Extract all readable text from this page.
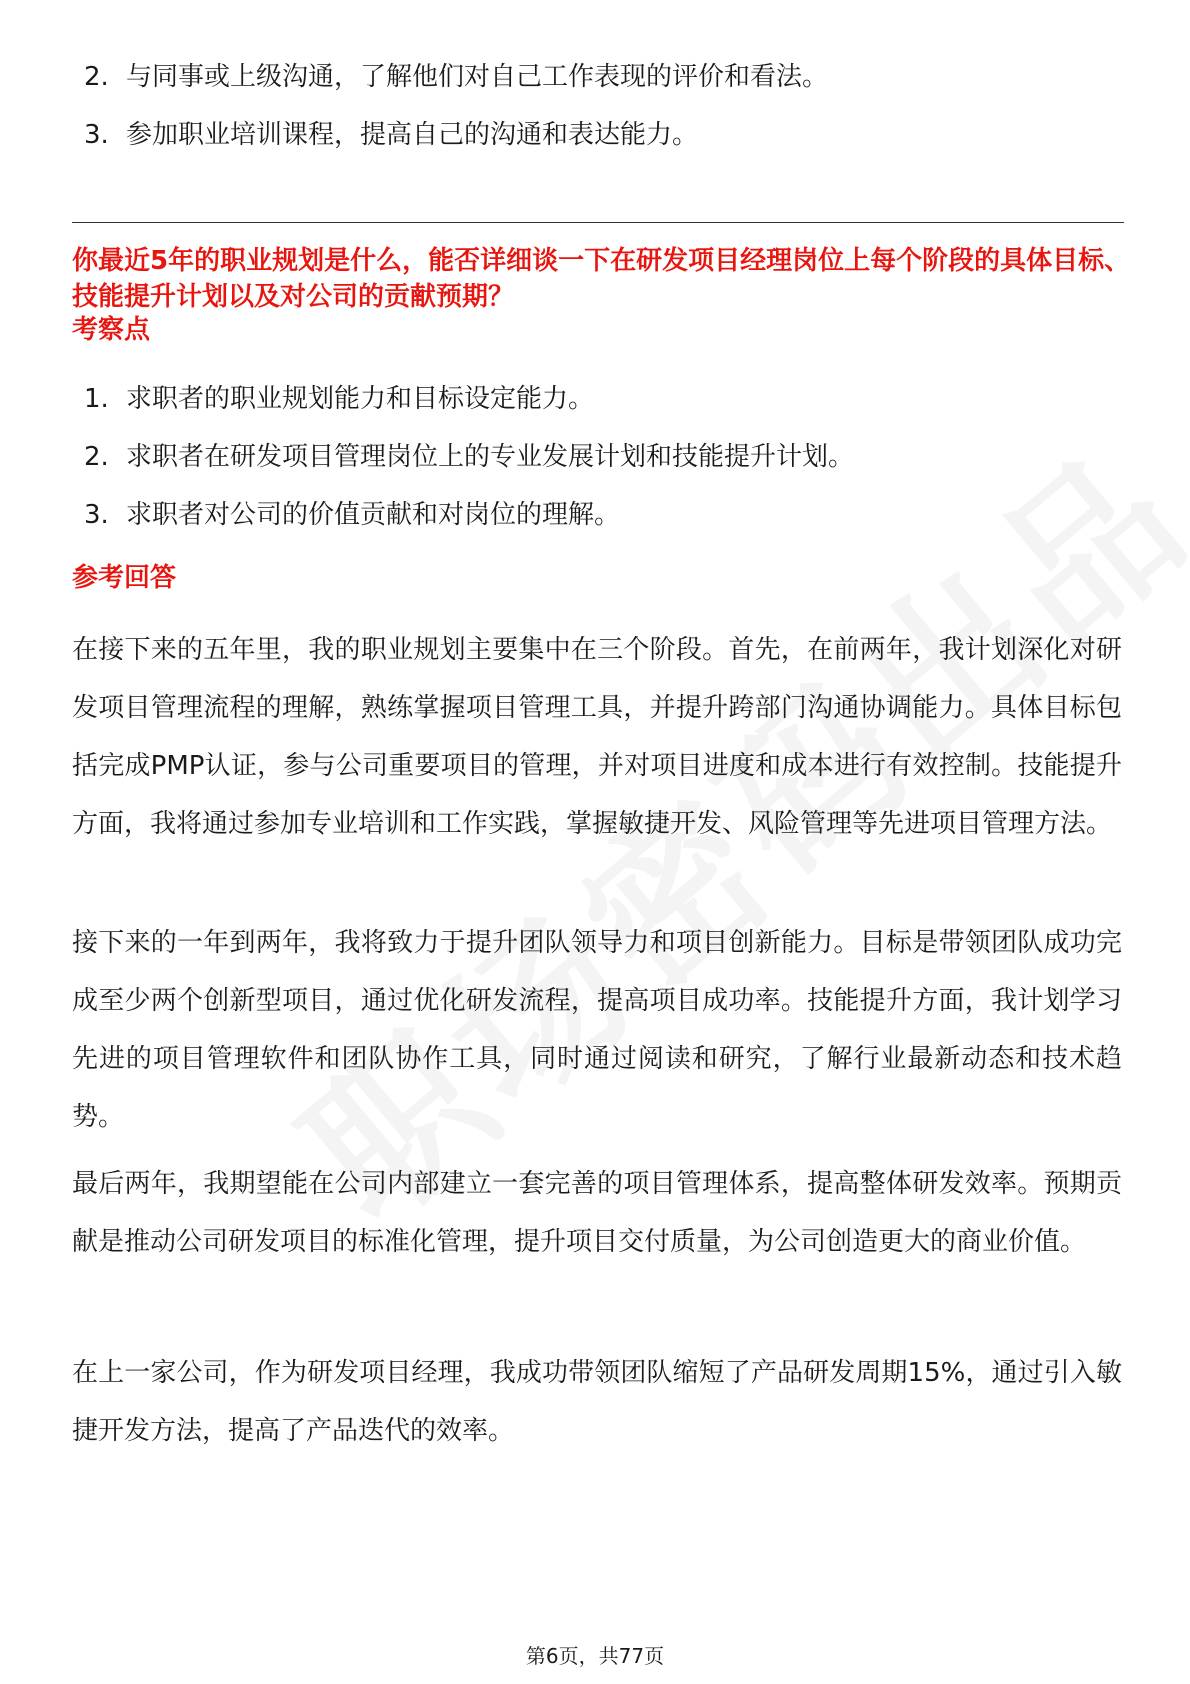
2. 与同事或上级沟通，了解他们对自己工作表现的评价和看法。
3. 参加职业培训课程，提高自己的沟通和表达能力。

你最近5年的职业规划是什么，能否详细谈一下在研发项目经理岗位上每个阶段的具体目标、技能提升计划以及对公司的贡献预期？

考察点

1. 求职者的职业规划能力和目标设定能力。
2. 求职者在研发项目管理岗位上的专业发展计划和技能提升计划。
3. 求职者对公司的价值贡献和对岗位的理解。

参考回答

在接下来的五年里，我的职业规划主要集中在三个阶段。首先，在前两年，我计划深化对研发项目管理流程的理解，熟练掌握项目管理工具，并提升跨部门沟通协调能力。具体目标包括完成PMP认证，参与公司重要项目的管理，并对项目进度和成本进行有效控制。技能提升方面，我将通过参加专业培训和工作实践，掌握敏捷开发、风险管理等先进项目管理方法。

接下来的一年到两年，我将致力于提升团队领导力和项目创新能力。目标是带领团队成功完成至少两个创新型项目，通过优化研发流程，提高项目成功率。技能提升方面，我计划学习先进的项目管理软件和团队协作工具，同时通过阅读和研究，了解行业最新动态和技术趋势。

最后两年，我期望能在公司内部建立一套完善的项目管理体系，提高整体研发效率。预期贡献是推动公司研发项目的标准化管理，提升项目交付质量，为公司创造更大的商业价值。

在上一家公司，作为研发项目经理，我成功带领团队缩短了产品研发周期15%，通过引入敏捷开发方法，提高了产品迭代的效率。

第6页，共77页
